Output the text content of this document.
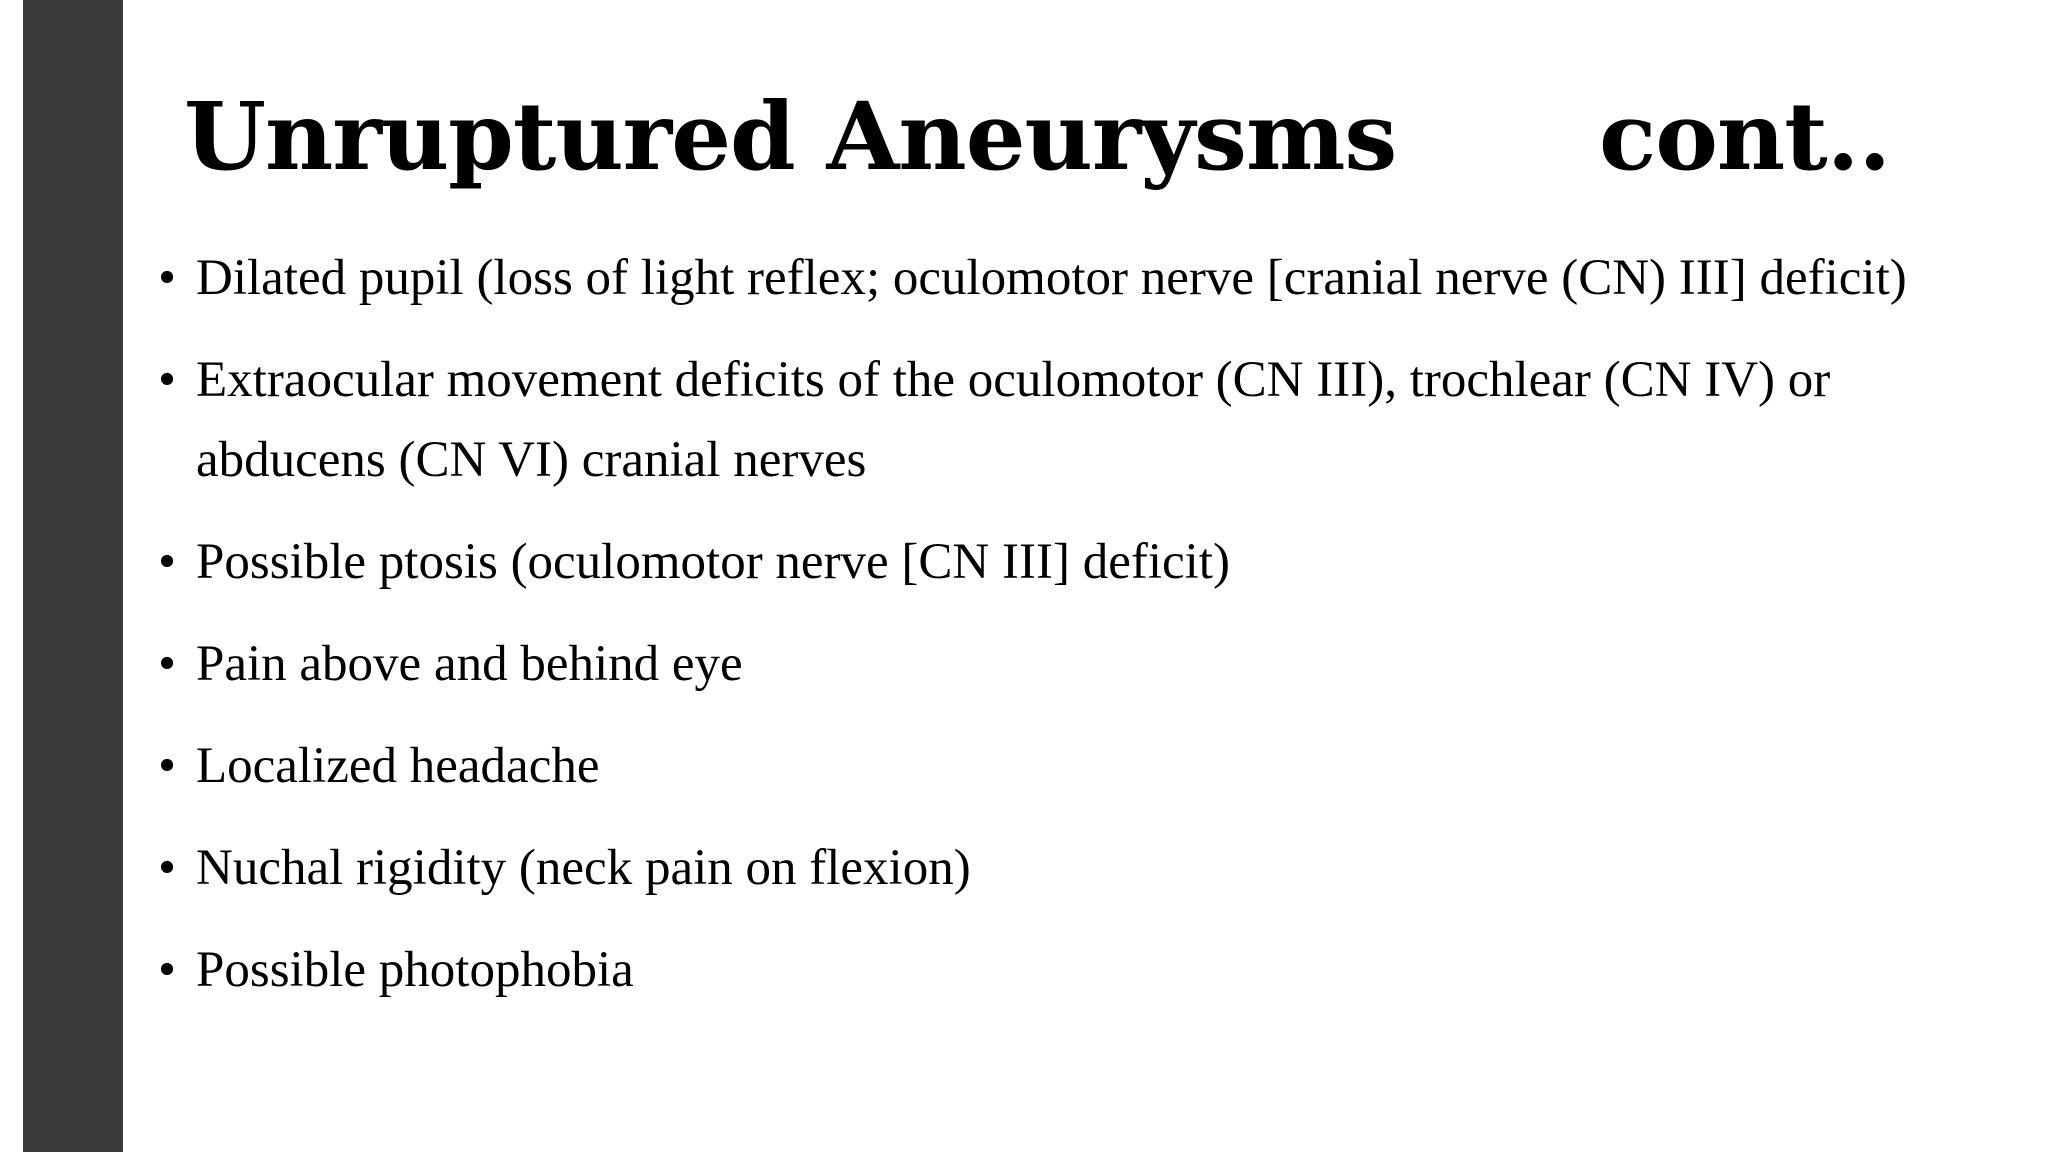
Unruptured Aneurysms cont..
• Dilated pupil (loss of light reflex; oculomotor nerve [cranial nerve (CN) III] deficit)
• Extraocular movement deficits of the oculomotor (CN III), trochlear (CN IV) or abducens (CN VI) cranial nerves
• Possible ptosis (oculomotor nerve [CN III] deficit)
• Pain above and behind eye
• Localized headache
• Nuchal rigidity (neck pain on flexion)
• Possible photophobia
